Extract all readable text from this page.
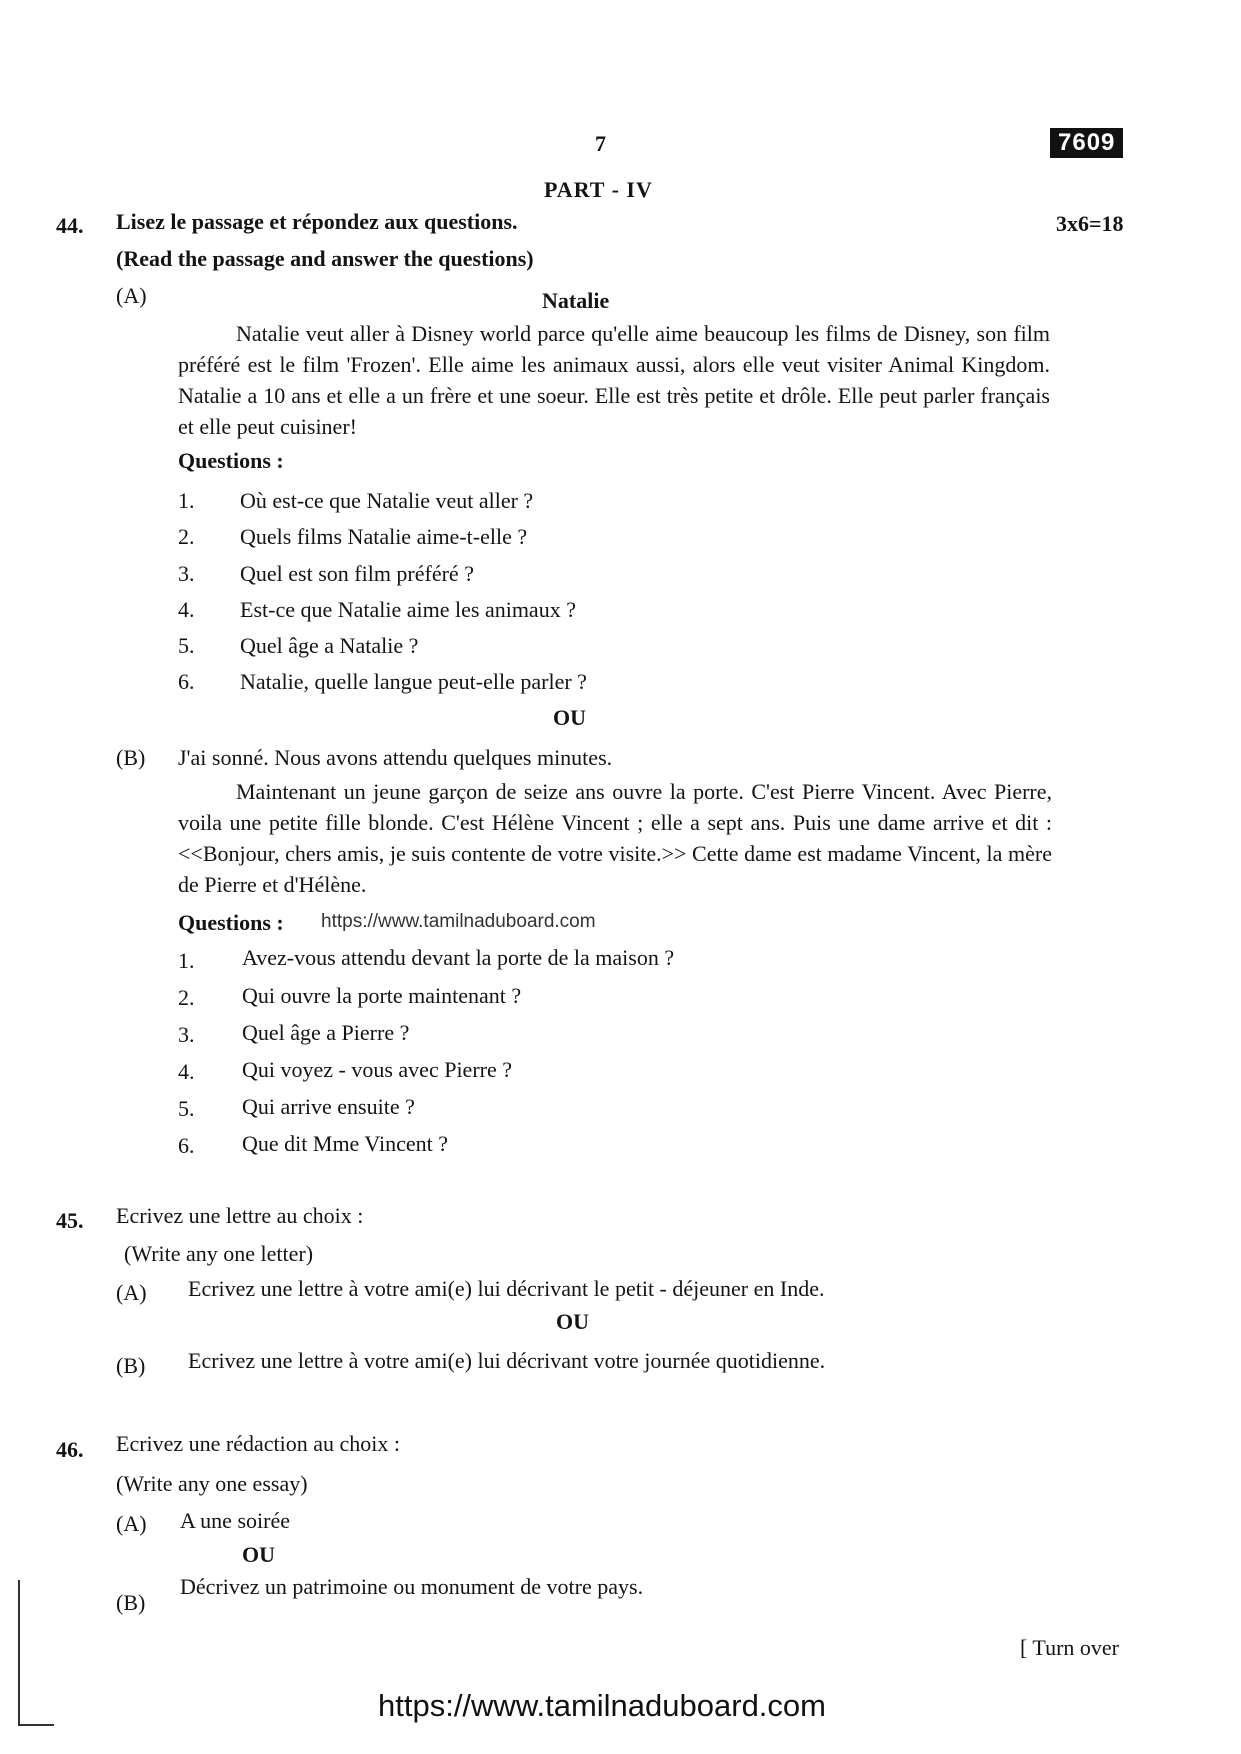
7	7609
PART - IV
44. Lisez le passage et répondez aux questions.	3x6=18
(Read the passage and answer the questions)
(A)	Natalie

Natalie veut aller à Disney world parce qu'elle aime beaucoup les films de Disney, son film préféré est le film 'Frozen'. Elle aime les animaux aussi, alors elle veut visiter Animal Kingdom. Natalie a 10 ans et elle a un frère et une soeur. Elle est très petite et drôle. Elle peut parler français et elle peut cuisiner!

Questions :
1. Où est-ce que Natalie veut aller ?
2. Quels films Natalie aime-t-elle ?
3. Quel est son film préféré ?
4. Est-ce que Natalie aime les animaux ?
5. Quel âge a Natalie ?
6. Natalie, quelle langue peut-elle parler ?
OU
(B) J'ai sonné. Nous avons attendu quelques minutes.

Maintenant un jeune garçon de seize ans ouvre la porte. C'est Pierre Vincent. Avec Pierre, voila une petite fille blonde. C'est Hélène Vincent ; elle a sept ans. Puis une dame arrive et dit : <<Bonjour, chers amis, je suis contente de votre visite.>> Cette dame est madame Vincent, la mère de Pierre et d'Hélène.

Questions : https://www.tamilnaduboard.com
1. Avez-vous attendu devant la porte de la maison ?
2. Qui ouvre la porte maintenant ?
3. Quel âge a Pierre ?
4. Qui voyez - vous avec Pierre ?
5. Qui arrive ensuite ?
6. Que dit Mme Vincent ?
45. Ecrivez une lettre au choix :
(Write any one letter)
(A) Ecrivez une lettre à votre ami(e) lui décrivant le petit - déjeuner en Inde.
OU
(B) Ecrivez une lettre à votre ami(e) lui décrivant votre journée quotidienne.
46. Ecrivez une rédaction au choix :
(Write any one essay)
(A) A une soirée
OU
(B)
Décrivez un patrimoine ou monument de votre pays.
[ Turn over
https://www.tamilnaduboard.com
